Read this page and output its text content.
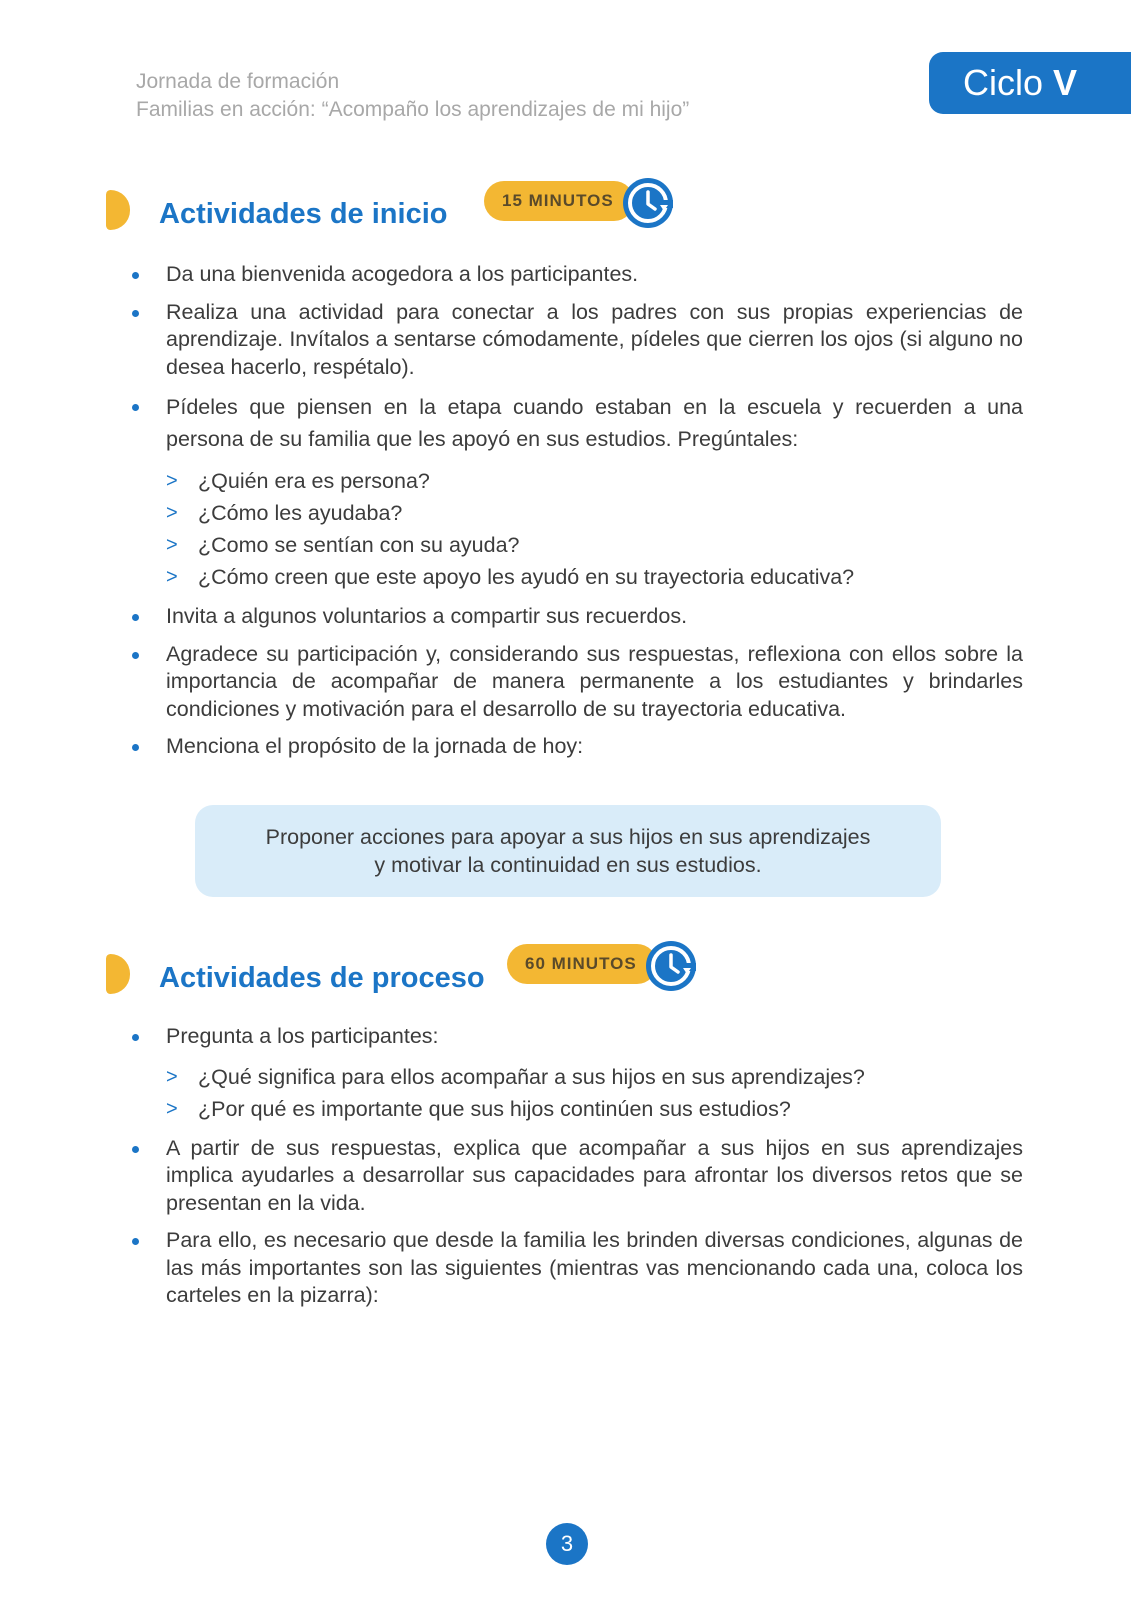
Jornada de formación
Familias en acción: “Acompaño los aprendizajes de mi hijo”
Ciclo V
Actividades de inicio	15 MINUTOS
Da una bienvenida acogedora a los participantes.
Realiza una actividad para conectar a los padres con sus propias experiencias de aprendizaje. Invítalos a sentarse cómodamente, pídeles que cierren los ojos (si alguno no desea hacerlo, respétalo).
Pídeles que piensen en la etapa cuando estaban en la escuela y recuerden a una persona de su familia que les apoyó en sus estudios. Pregúntales:
> ¿Quién era es persona?
> ¿Cómo les ayudaba?
> ¿Como se sentían con su ayuda?
> ¿Cómo creen que este apoyo les ayudó en su trayectoria educativa?
Invita a algunos voluntarios a compartir sus recuerdos.
Agradece su participación y, considerando sus respuestas, reflexiona con ellos sobre la importancia de acompañar de manera permanente a los estudiantes y brindarles condiciones y motivación para el desarrollo de su trayectoria educativa.
Menciona el propósito de la jornada de hoy:
Proponer acciones para apoyar a sus hijos en sus aprendizajes
y motivar la continuidad en sus estudios.
Actividades de proceso	60 MINUTOS
Pregunta a los participantes:
> ¿Qué significa para ellos acompañar a sus hijos en sus aprendizajes?
> ¿Por qué es importante que sus hijos continúen sus estudios?
A partir de sus respuestas, explica que acompañar a sus hijos en sus aprendizajes implica ayudarles a desarrollar sus capacidades para afrontar los diversos retos que se presentan en la vida.
Para ello, es necesario que desde la familia les brinden diversas condiciones, algunas de las más importantes son las siguientes (mientras vas mencionando cada una, coloca los carteles en la pizarra):
3
